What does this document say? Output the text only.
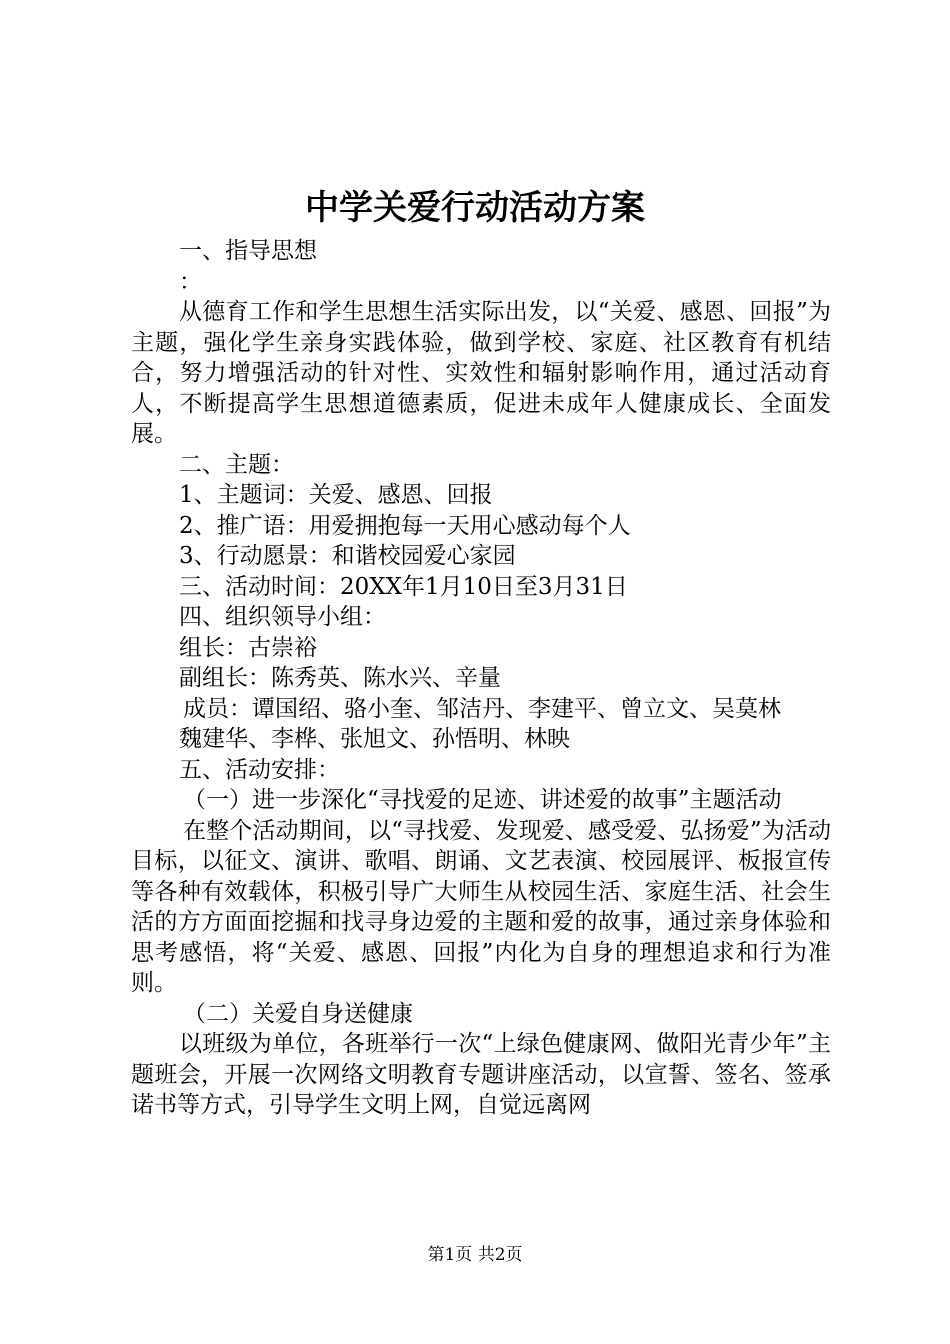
中学关爱行动活动方案

一、指导思想

：

从德育工作和学生思想生活实际出发，以“关爱、感恩、回报”为主题，强化学生亲身实践体验，做到学校、家庭、社区教育有机结合，努力增强活动的针对性、实效性和辐射影响作用，通过活动育人，不断提高学生思想道德素质，促进未成年人健康成长、全面发展。

二、主题：

1、主题词：关爱、感恩、回报

2、推广语：用爱拥抱每一天用心感动每个人

3、行动愿景：和谐校园爱心家园

三、活动时间：20XX年1月10日至3月31日

四、组织领导小组：

组长：古崇裕

副组长：陈秀英、陈水兴、辛量

成员：谭国绍、骆小奎、邹洁丹、李建平、曾立文、吴莫林

魏建华、李桦、张旭文、孙悟明、林映

五、活动安排：

（一）进一步深化“寻找爱的足迹、讲述爱的故事”主题活动

在整个活动期间，以“寻找爱、发现爱、感受爱、弘扬爱”为活动目标，以征文、演讲、歌唱、朗诵、文艺表演、校园展评、板报宣传等各种有效载体，积极引导广大师生从校园生活、家庭生活、社会生活的方方面面挖掘和找寻身边爱的主题和爱的故事，通过亲身体验和思考感悟，将“关爱、感恩、回报”内化为自身的理想追求和行为准则。

（二）关爱自身送健康

以班级为单位，各班举行一次“上绿色健康网、做阳光青少年”主题班会，开展一次网络文明教育专题讲座活动，以宣誓、签名、签承诺书等方式，引导学生文明上网，自觉远离网

第1页 共2页
